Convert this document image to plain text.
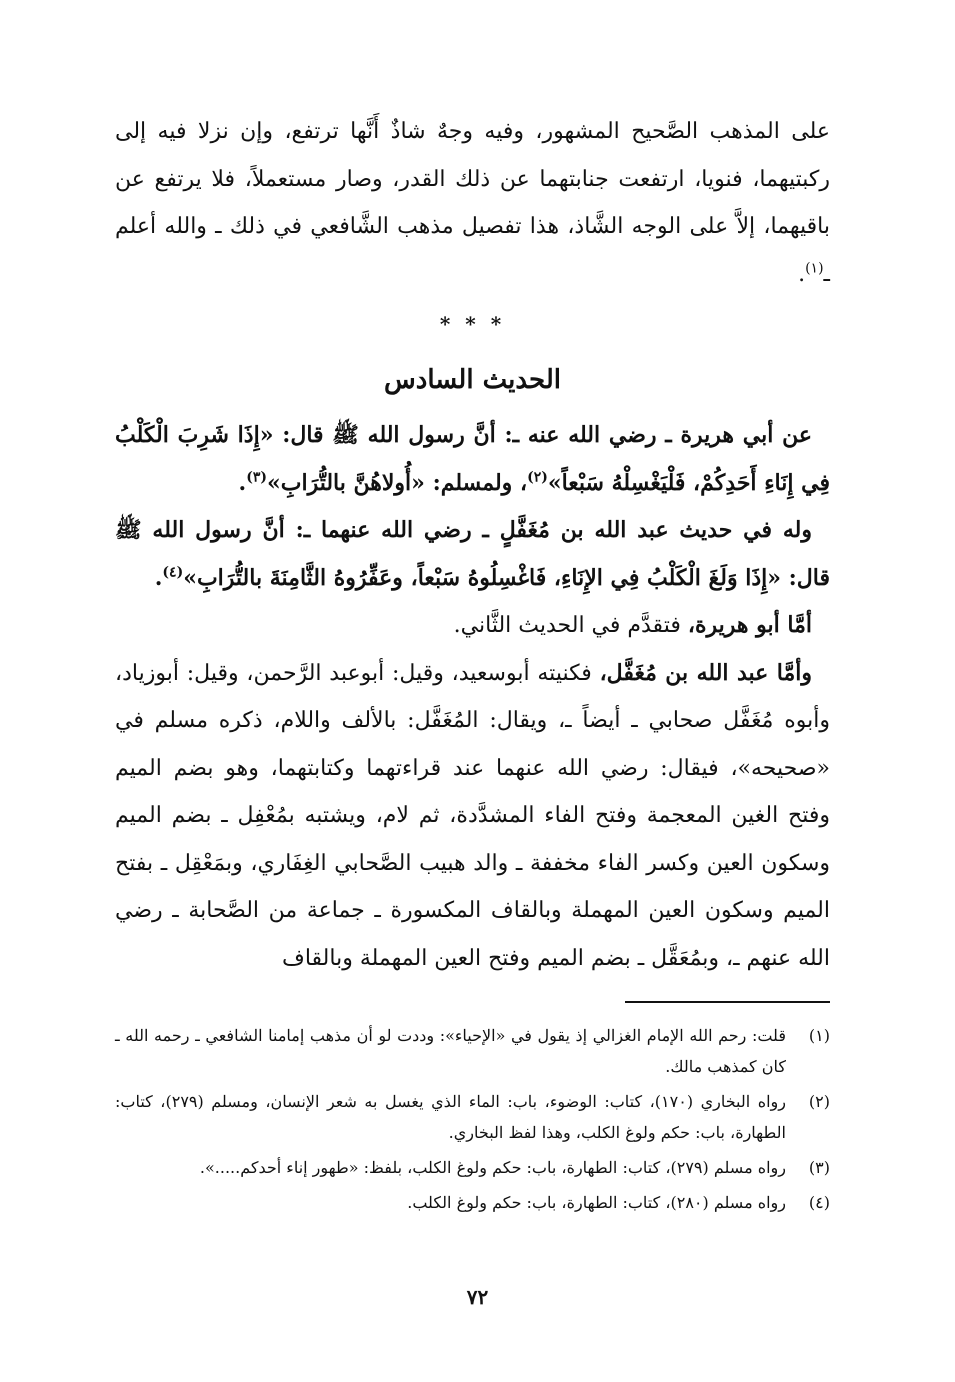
على المذهب الصَّحيح المشهور، وفيه وجهٌ شاذٌ أَنَّها ترتفع، وإن نزلا فيه إلى ركبتيهما، فنويا، ارتفعت جنابتهما عن ذلك القدر، وصار مستعملاً، فلا يرتفع عن باقيهما، إلاَّ على الوجه الشَّاذ، هذا تفصيل مذهب الشَّافعي في ذلك ـ والله أعلم ـ$^{(١)}$.

* * *
الحديث السادس

عن أبي هريرة ـ رضي الله عنه ـ: أنَّ رسول الله ﷺ قال: «إِذَا شَرِبَ الْكَلْبُ فِي إِنَاءِ أَحَدِكُمْ، فَلْيَغْسِلْهُ سَبْعاً»$^{(٢)}$، ولمسلم: «أُولاهُنَّ بالتُّرَابِ»$^{(٣)}$.

وله في حديث عبد الله بن مُغَفَّلٍ ـ رضي الله عنهما ـ: أنَّ رسول الله ﷺ قال: «إِذَا وَلَغَ الْكَلْبُ فِي الإِنَاءِ، فَاغْسِلُوهُ سَبْعاً، وعَفِّرُوهُ الثَّامِنَةَ بالتُّرَابِ»$^{(٤)}$.

أمَّا أبو هريرة، فتقدَّم في الحديث الثَّاني.

وأمَّا عبد الله بن مُغَفَّل، فكنيته أبوسعيد، وقيل: أبوعبد الرَّحمن، وقيل: أبوزياد، وأبوه مُغَفَّل صحابي ـ أيضاً ـ، ويقال: المُغَفَّل: بالألف واللام، ذكره مسلم في «صحيحه»، فيقال: رضي الله عنهما عند قراءتهما وكتابتهما، وهو بضم الميم وفتح الغين المعجمة وفتح الفاء المشدَّدة، ثم لام، ويشتبه بمُعْفِل ـ بضم الميم وسكون العين وكسر الفاء مخففة ـ والد هبيب الصَّحابي الغِفَاري، وبمَعْقِل ـ بفتح الميم وسكون العين المهملة وبالقاف المكسورة ـ جماعة من الصَّحابة ـ رضي الله عنهم ـ، وبمُعَقَّل ـ بضم الميم وفتح العين المهملة وبالقاف

(١)
قلت: رحم الله الإمام الغزالي إذ يقول في «الإحياء»: وددت لو أن مذهب إمامنا الشافعي ـ رحمه الله ـ كان كمذهب مالك.
(٢)
رواه البخاري (١٧٠)، كتاب: الوضوء، باب: الماء الذي يغسل به شعر الإنسان، ومسلم (٢٧٩)، كتاب: الطهارة، باب: حكم ولوغ الكلب، وهذا لفظ البخاري.
(٣)
رواه مسلم (٢٧٩)، كتاب: الطهارة، باب: حكم ولوغ الكلب، بلفظ: «طهور إناء أحدكم.....».
(٤)
رواه مسلم (٢٨٠)، كتاب: الطهارة، باب: حكم ولوغ الكلب.
٧٢
